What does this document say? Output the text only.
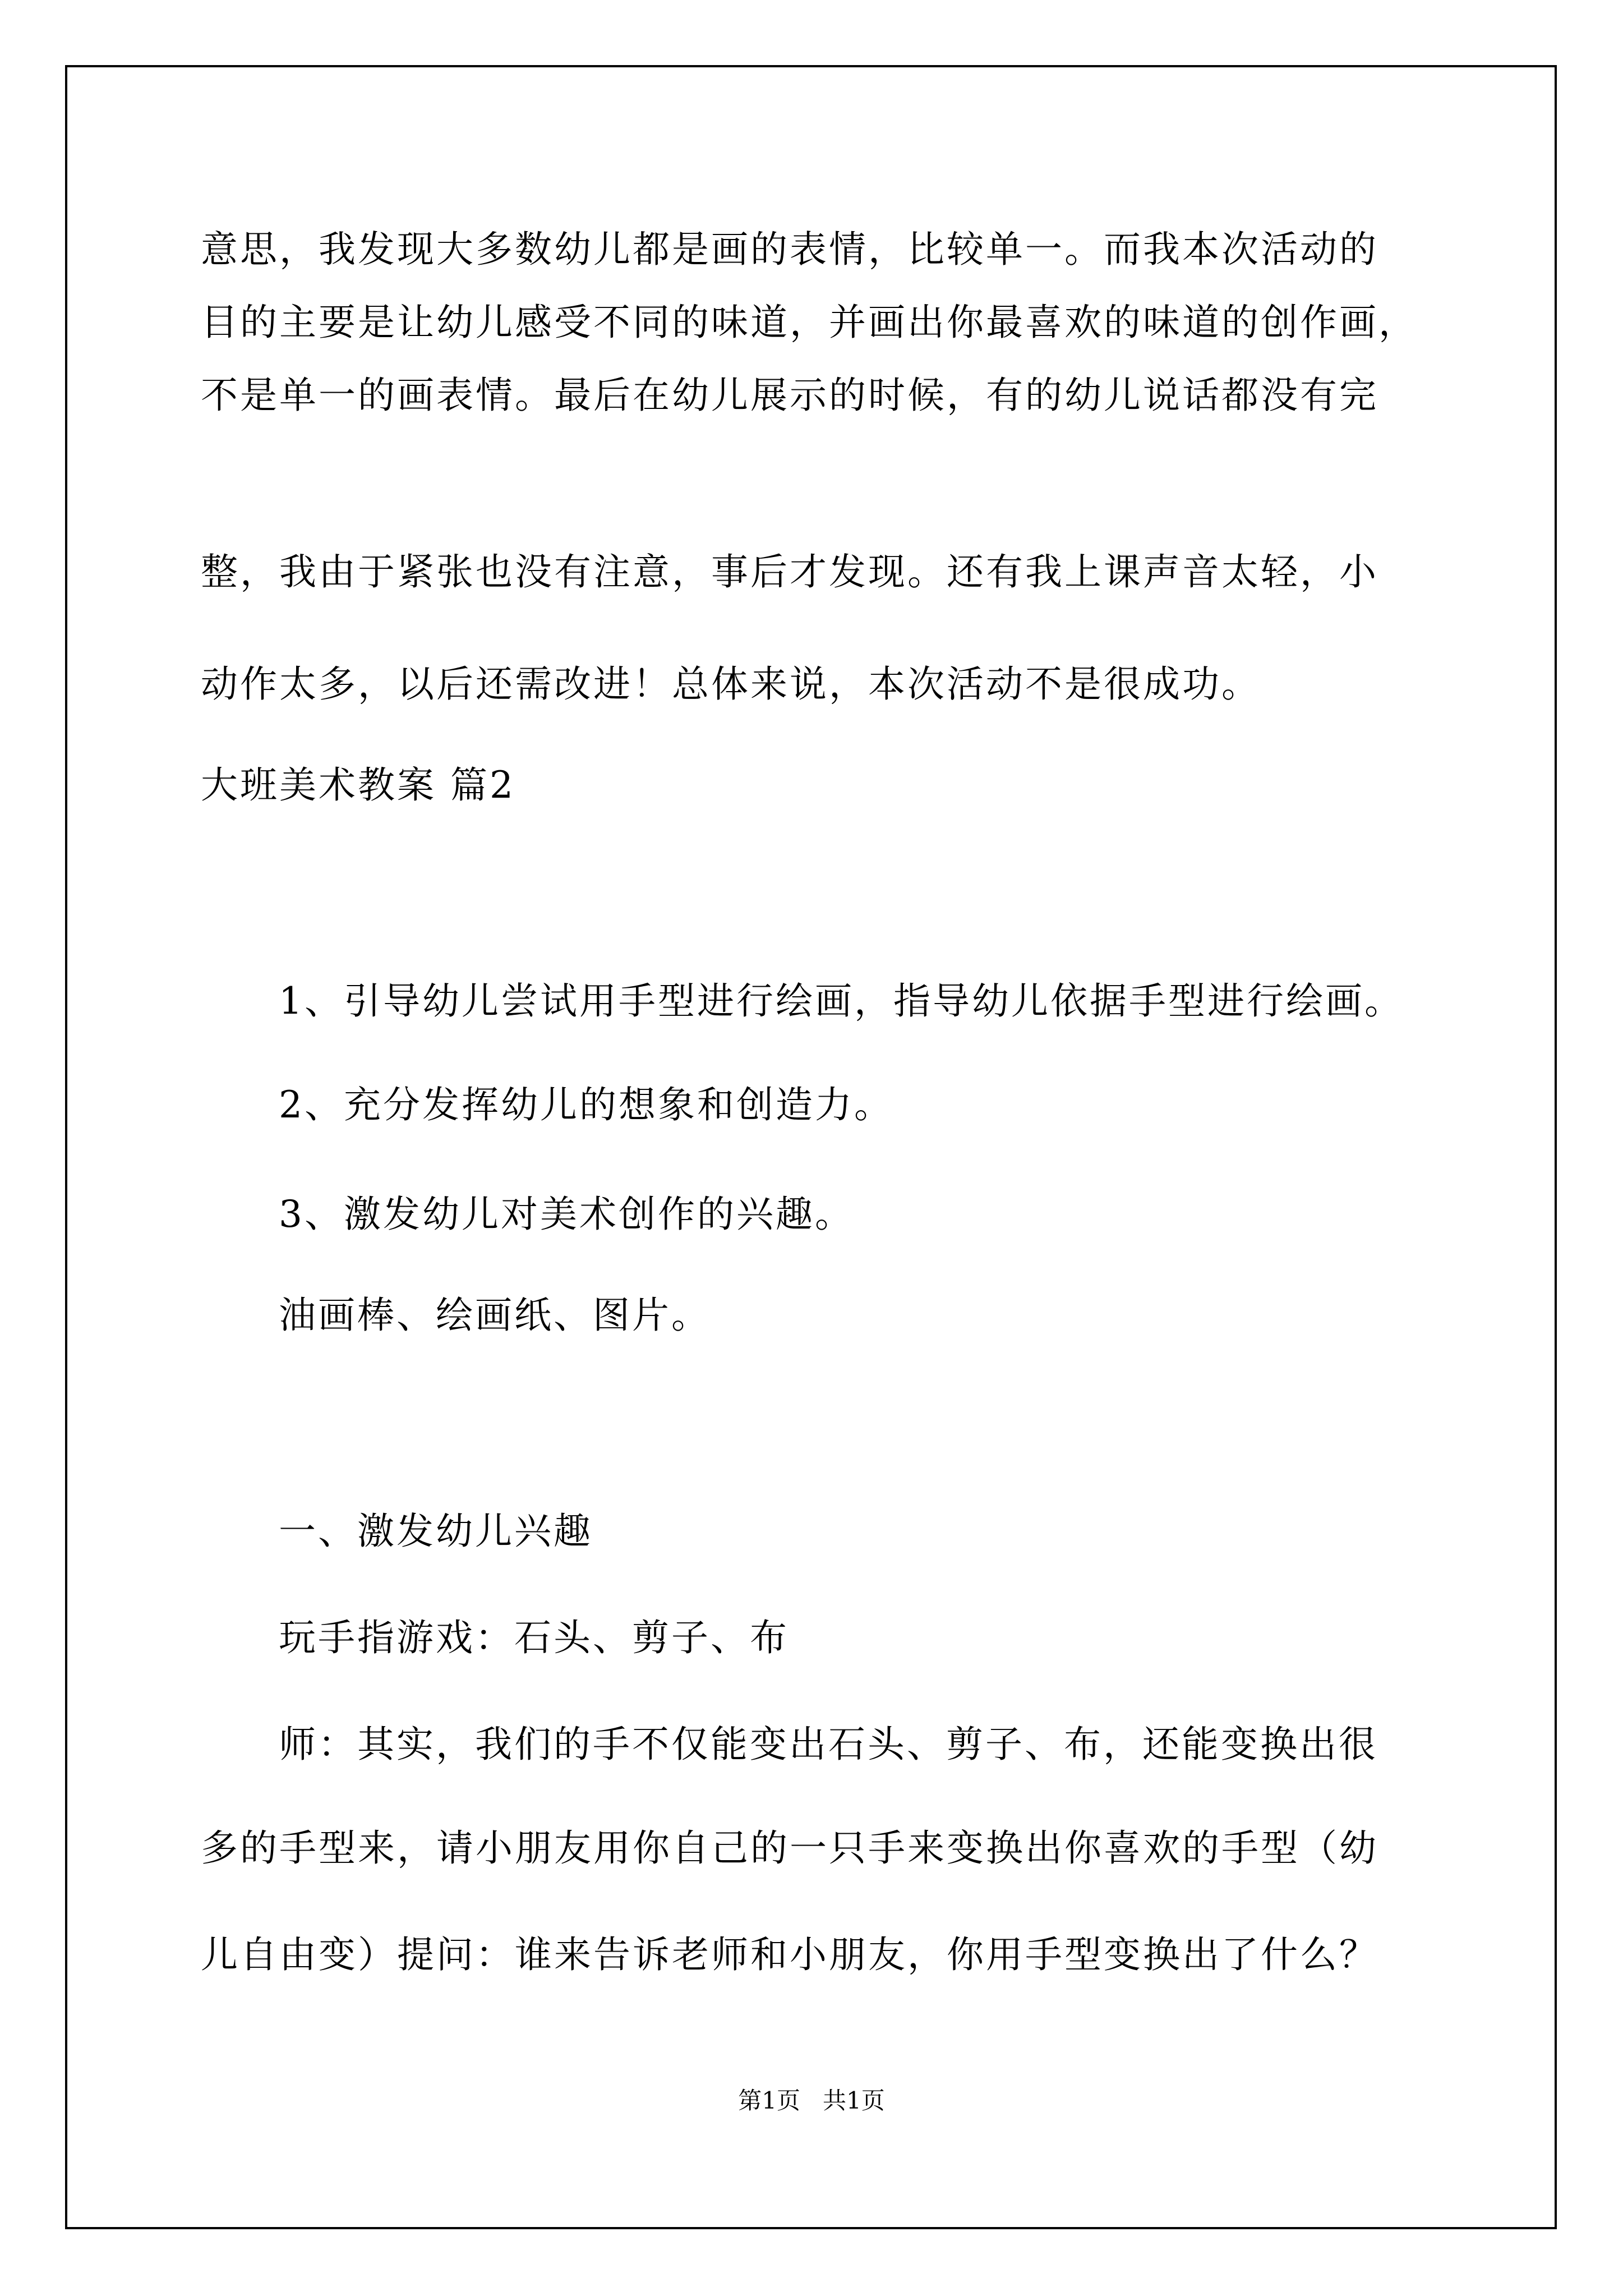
意思，我发现大多数幼儿都是画的表情，比较单一。而我本次活动的
目的主要是让幼儿感受不同的味道，并画出你最喜欢的味道的创作画，
不是单一的画表情。最后在幼儿展示的时候，有的幼儿说话都没有完
整，我由于紧张也没有注意，事后才发现。还有我上课声音太轻，小
动作太多，以后还需改进！总体来说，本次活动不是很成功。
大班美术教案 篇2
1、引导幼儿尝试用手型进行绘画，指导幼儿依据手型进行绘画。
2、充分发挥幼儿的想象和创造力。
3、激发幼儿对美术创作的兴趣。
油画棒、绘画纸、图片。
一、激发幼儿兴趣
玩手指游戏：石头、剪子、布
师：其实，我们的手不仅能变出石头、剪子、布，还能变换出很
多的手型来，请小朋友用你自己的一只手来变换出你喜欢的手型（幼
儿自由变）提问：谁来告诉老师和小朋友，你用手型变换出了什么？
第1页   共1页
